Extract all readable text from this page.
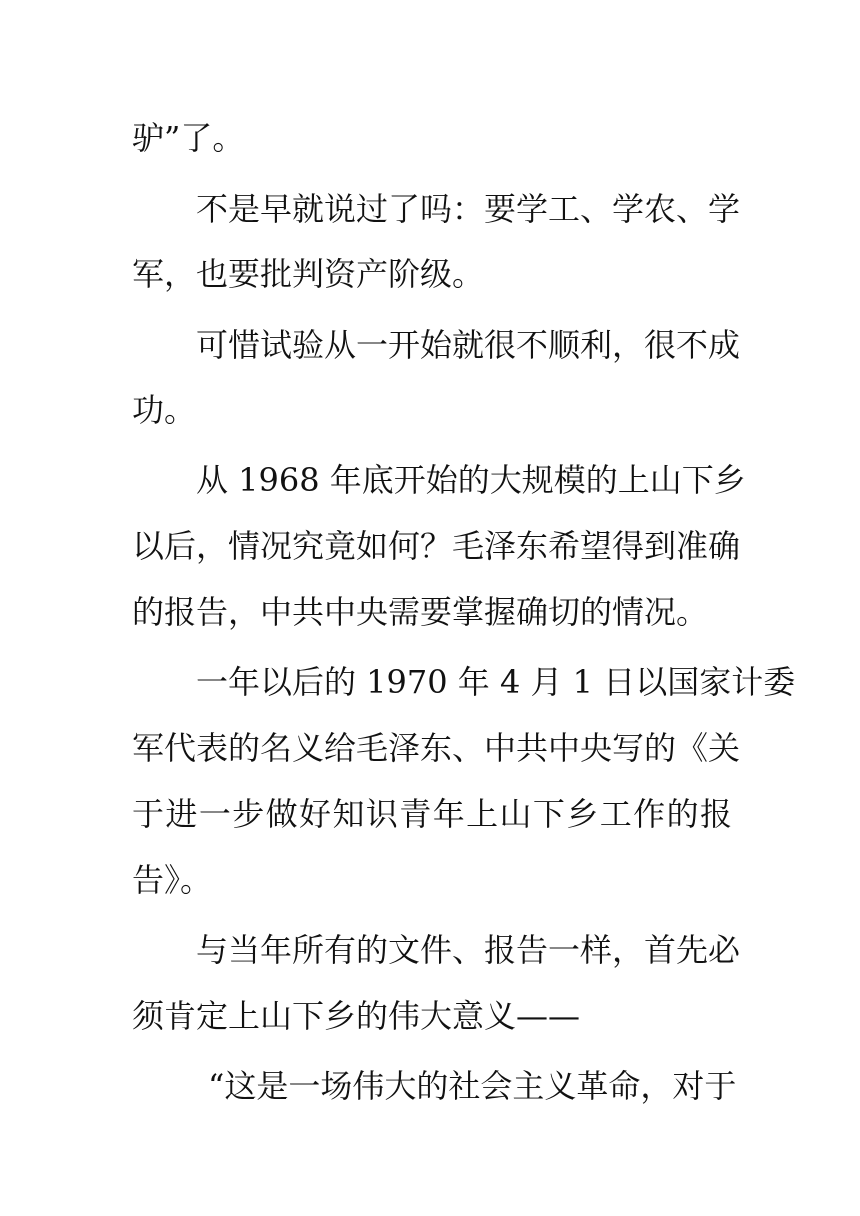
驴”了。
不是早就说过了吗：要学工、学农、学
军，也要批判资产阶级。
可惜试验从一开始就很不顺利，很不成
功。
从 1968 年底开始的大规模的上山下乡
以后，情况究竟如何？毛泽东希望得到准确
的报告，中共中央需要掌握确切的情况。
一年以后的 1970 年 4 月 1 日以国家计委
军代表的名义给毛泽东、中共中央写的《关
于进一步做好知识青年上山下乡工作的报
告》。
与当年所有的文件、报告一样，首先必
须肯定上山下乡的伟大意义——
“这是一场伟大的社会主义革命，对于
